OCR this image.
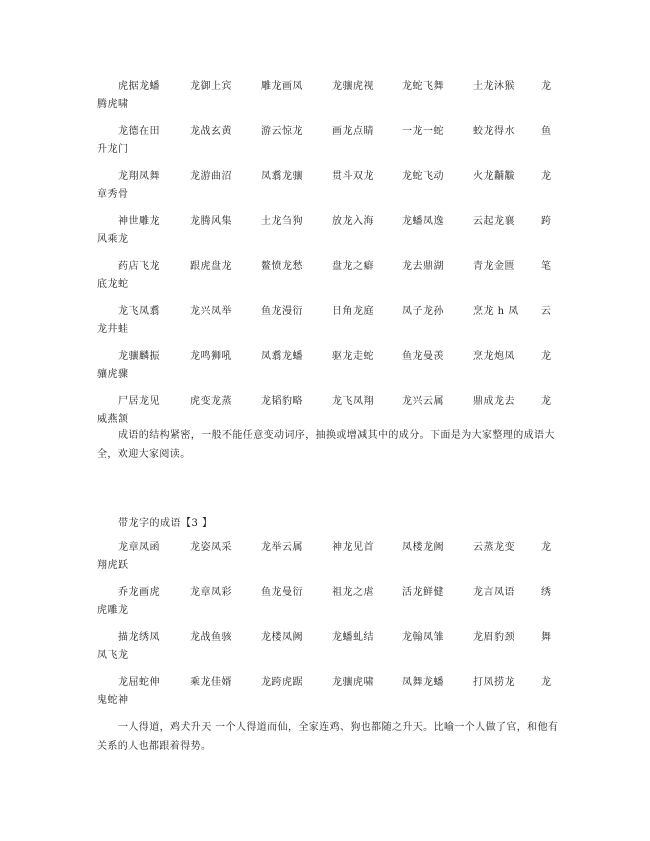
虎据龙蟠	龙御上宾	雕龙画凤	龙骧虎视	龙蛇飞舞	土龙沐猴	龙
腾虎啸
龙德在田	龙战玄黄	游云惊龙	画龙点睛	一龙一蛇	蛟龙得水	鱼
升龙门
龙翔凤舞	龙游曲沼	凤翥龙骧	贯斗双龙	龙蛇飞动	火龙黼黻	龙
章秀骨
神世雕龙	龙腾风集	土龙刍狗	放龙入海	龙蟠凤逸	云起龙襄	跨
风乘龙
药店飞龙	跟虎盘龙	鳌愤龙愁	盘龙之癖	龙去鼎湖	青龙金匮	笔
底龙蛇
龙飞凤翥	龙兴凤举	鱼龙漫衍	日角龙庭	凤子龙孙	烹龙 h 凤 云
龙井蛙
龙骧麟振	龙鸣狮吼	凤翥龙蟠	驱龙走蛇	鱼龙曼羡	烹龙炮凤	龙
骧虎骤
尸居龙见	虎变龙蒸	龙韬豹略	龙飞凤翔	龙兴云属	鼎成龙去	龙
威燕颔

成语的结构紧密，一般不能任意变动词序，抽换或增减其中的成分。下面是为大家整理的成语大全，欢迎大家阅读。

带龙字的成语【3 】
龙章凤函	龙姿凤采	龙举云属	神龙见首	凤楼龙阙	云蒸龙变	龙
翔虎跃
乔龙画虎	龙章凤彩	鱼龙曼衍	祖龙之虐	活龙鲜健	龙言凤语	绣
虎雕龙
描龙绣凤	龙战鱼骇	龙楼凤阙	龙蟠虬结	龙翰凤雏	龙眉豹颈	舞
凤飞龙
龙屈蛇伸	乘龙佳婿	龙跨虎踞	龙骧虎啸	凤舞龙蟠	打凤捞龙	龙
鬼蛇神

一人得道，鸡犬升天 一个人得道而仙，全家连鸡、狗也都随之升天。比喻一个人做了官，和他有关系的人也都跟着得势。
